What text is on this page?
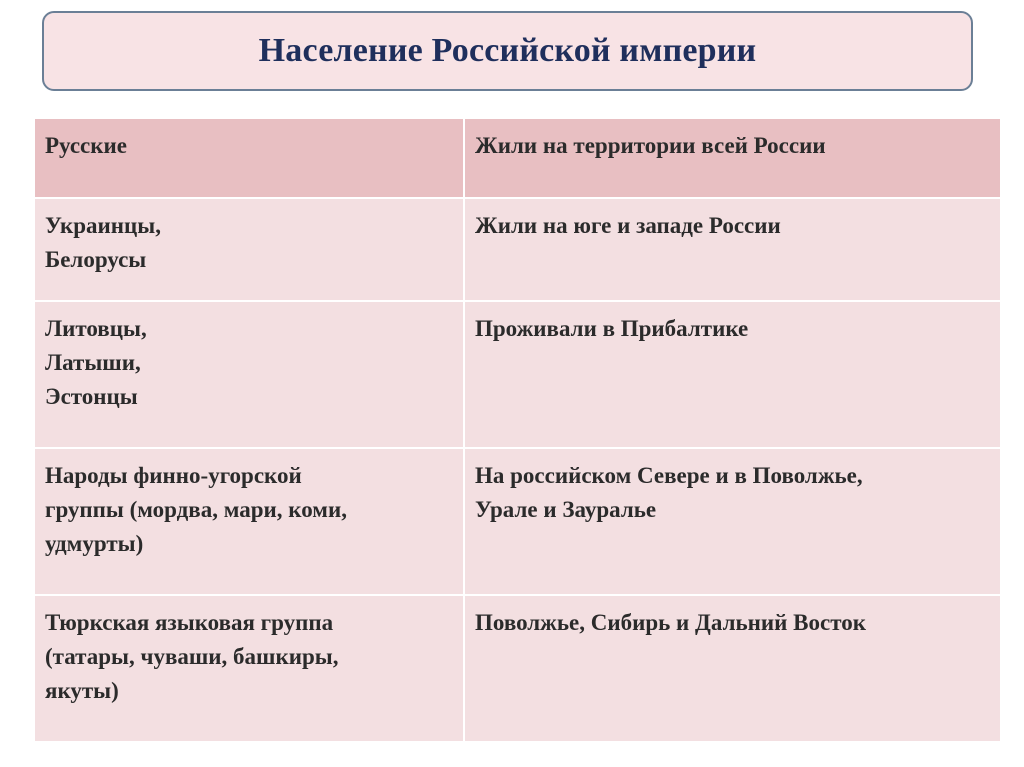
Население Российской империи
Русские	Жили на территории всей России
Украинцы,
Белорусы	Жили на юге и западе России
Литовцы,
Латыши,
Эстонцы	Проживали в Прибалтике
Народы финно-угорской
группы (мордва, мари, коми,
удмурты)	На российском Севере и в Поволжье,
Урале и Зауралье
Тюркская языковая группа
(татары, чуваши, башкиры,
якуты)	Поволжье, Сибирь и Дальний Восток
